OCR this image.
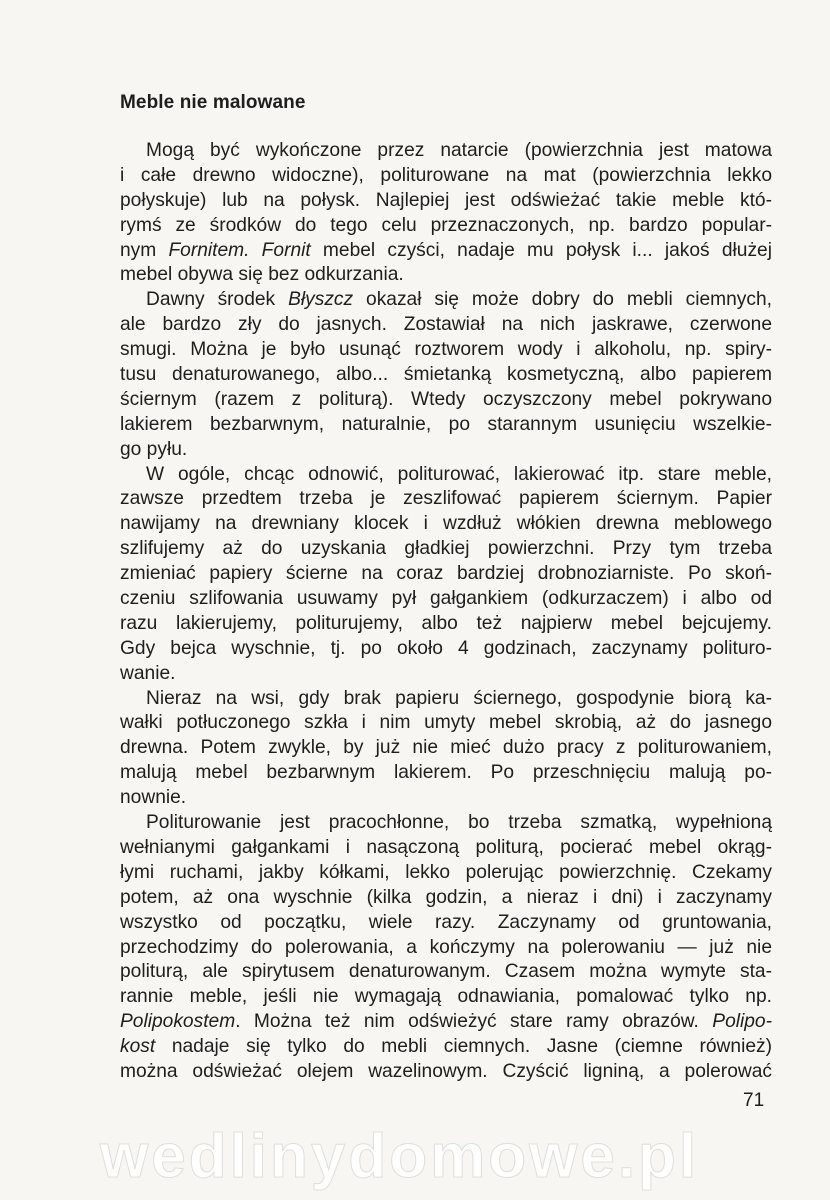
Meble nie malowane
Mogą być wykończone przez natarcie (powierzchnia jest matowa
i całe drewno widoczne), politurowane na mat (powierzchnia lekko
połyskuje) lub na połysk. Najlepiej jest odświeżać takie meble któ-
rymś ze środków do tego celu przeznaczonych, np. bardzo popular-
nym Fornitem. Fornit mebel czyści, nadaje mu połysk i... jakoś dłużej
mebel obywa się bez odkurzania.
Dawny środek Błyszcz okazał się może dobry do mebli ciemnych,
ale bardzo zły do jasnych. Zostawiał na nich jaskrawe, czerwone
smugi. Można je było usunąć roztworem wody i alkoholu, np. spiry-
tusu denaturowanego, albo... śmietanką kosmetyczną, albo papierem
ściernym (razem z politurą). Wtedy oczyszczony mebel pokrywano
lakierem bezbarwnym, naturalnie, po starannym usunięciu wszelkie-
go pyłu.
W ogóle, chcąc odnowić, politurować, lakierować itp. stare meble,
zawsze przedtem trzeba je zeszlifować papierem ściernym. Papier
nawijamy na drewniany klocek i wzdłuż włókien drewna meblowego
szlifujemy aż do uzyskania gładkiej powierzchni. Przy tym trzeba
zmieniać papiery ścierne na coraz bardziej drobnoziarniste. Po skoń-
czeniu szlifowania usuwamy pył gałgankiem (odkurzaczem) i albo od
razu lakierujemy, politurujemy, albo też najpierw mebel bejcujemy.
Gdy bejca wyschnie, tj. po około 4 godzinach, zaczynamy polituro-
wanie.
Nieraz na wsi, gdy brak papieru ściernego, gospodynie biorą ka-
wałki potłuczonego szkła i nim umyty mebel skrobią, aż do jasnego
drewna. Potem zwykle, by już nie mieć dużo pracy z politurowaniem,
malują mebel bezbarwnym lakierem. Po przeschnięciu malują po-
nownie.
Politurowanie jest pracochłonne, bo trzeba szmatką, wypełnioną
wełnianymi gałgankami i nasączoną politurą, pocierać mebel okrąg-
łymi ruchami, jakby kółkami, lekko polerując powierzchnię. Czekamy
potem, aż ona wyschnie (kilka godzin, a nieraz i dni) i zaczynamy
wszystko od początku, wiele razy. Zaczynamy od gruntowania,
przechodzimy do polerowania, a kończymy na polerowaniu — już nie
politurą, ale spirytusem denaturowanym. Czasem można wymyte sta-
rannie meble, jeśli nie wymagają odnawiania, pomalować tylko np.
Polipokostem. Można też nim odświeżyć stare ramy obrazów. Polipo-
kost nadaje się tylko do mebli ciemnych. Jasne (ciemne również)
można odświeżać olejem wazelinowym. Czyścić ligniną, a polerować
71
wedlinydomowe.pl
